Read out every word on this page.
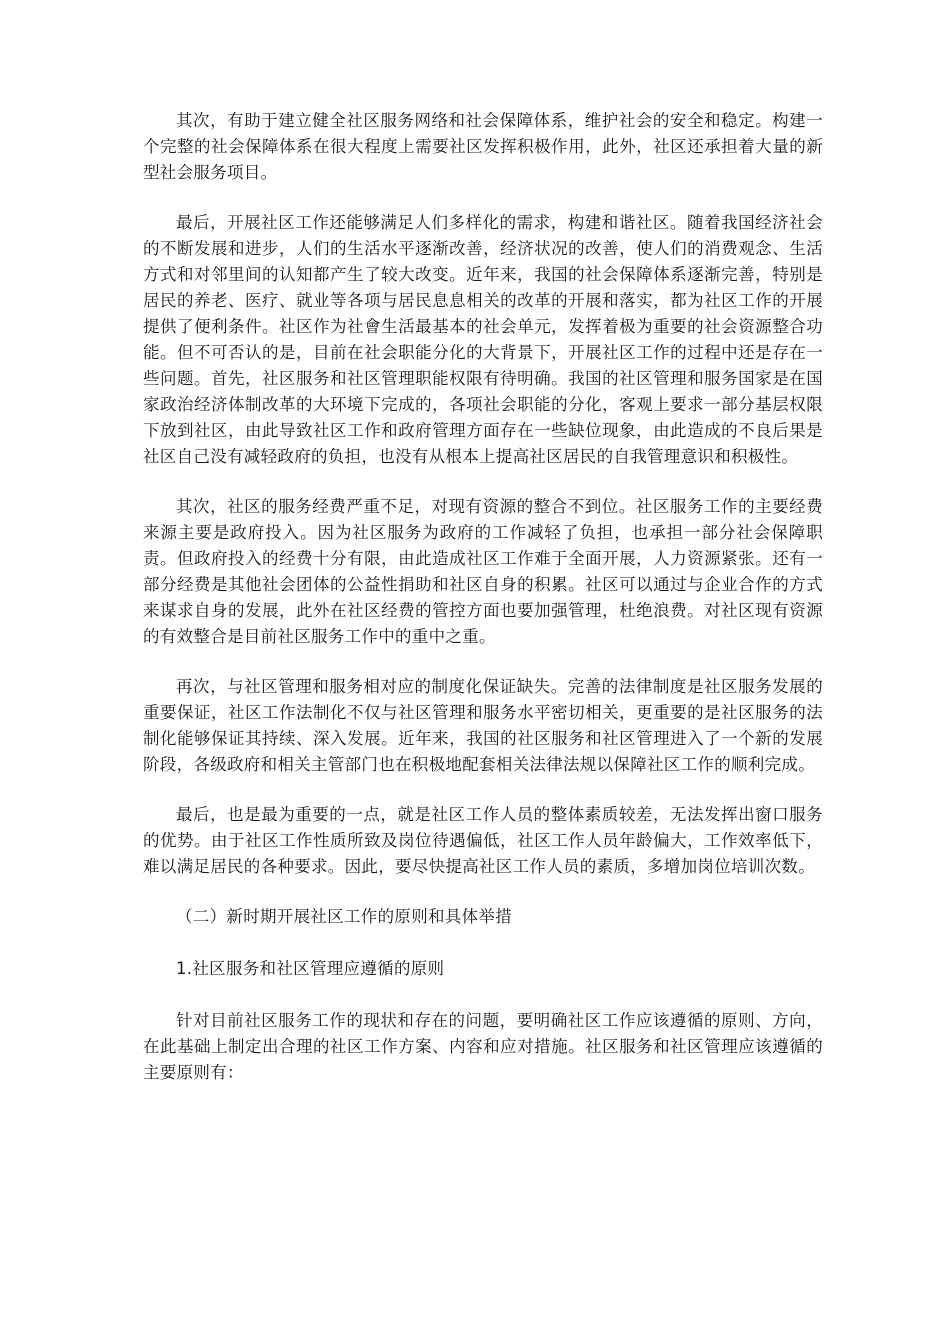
其次，有助于建立健全社区服务网络和社会保障体系，维护社会的安全和稳定。构建一个完整的社会保障体系在很大程度上需要社区发挥积极作用，此外，社区还承担着大量的新型社会服务项目。

最后，开展社区工作还能够满足人们多样化的需求，构建和谐社区。随着我国经济社会的不断发展和进步，人们的生活水平逐渐改善，经济状况的改善，使人们的消费观念、生活方式和对邻里间的认知都产生了较大改变。近年来，我国的社会保障体系逐渐完善，特别是居民的养老、医疗、就业等各项与居民息息相关的改革的开展和落实，都为社区工作的开展提供了便利条件。社区作为社會生活最基本的社会单元，发挥着极为重要的社会资源整合功能。但不可否认的是，目前在社会职能分化的大背景下，开展社区工作的过程中还是存在一些问题。首先，社区服务和社区管理职能权限有待明确。我国的社区管理和服务国家是在国家政治经济体制改革的大环境下完成的，各项社会职能的分化，客观上要求一部分基层权限下放到社区，由此导致社区工作和政府管理方面存在一些缺位现象，由此造成的不良后果是社区自己没有减轻政府的负担，也没有从根本上提高社区居民的自我管理意识和积极性。

其次，社区的服务经费严重不足，对现有资源的整合不到位。社区服务工作的主要经费来源主要是政府投入。因为社区服务为政府的工作减轻了负担，也承担一部分社会保障职责。但政府投入的经费十分有限，由此造成社区工作难于全面开展，人力资源紧张。还有一部分经费是其他社会团体的公益性捐助和社区自身的积累。社区可以通过与企业合作的方式来谋求自身的发展，此外在社区经费的管控方面也要加强管理，杜绝浪费。对社区现有资源的有效整合是目前社区服务工作中的重中之重。

再次，与社区管理和服务相对应的制度化保证缺失。完善的法律制度是社区服务发展的重要保证，社区工作法制化不仅与社区管理和服务水平密切相关，更重要的是社区服务的法制化能够保证其持续、深入发展。近年来，我国的社区服务和社区管理进入了一个新的发展阶段，各级政府和相关主管部门也在积极地配套相关法律法规以保障社区工作的顺利完成。

最后，也是最为重要的一点，就是社区工作人员的整体素质较差，无法发挥出窗口服务的优势。由于社区工作性质所致及岗位待遇偏低，社区工作人员年龄偏大，工作效率低下，难以满足居民的各种要求。因此，要尽快提高社区工作人员的素质，多增加岗位培训次数。

（二）新时期开展社区工作的原则和具体举措

1.社区服务和社区管理应遵循的原则

针对目前社区服务工作的现状和存在的问题，要明确社区工作应该遵循的原则、方向，在此基础上制定出合理的社区工作方案、内容和应对措施。社区服务和社区管理应该遵循的主要原则有：
